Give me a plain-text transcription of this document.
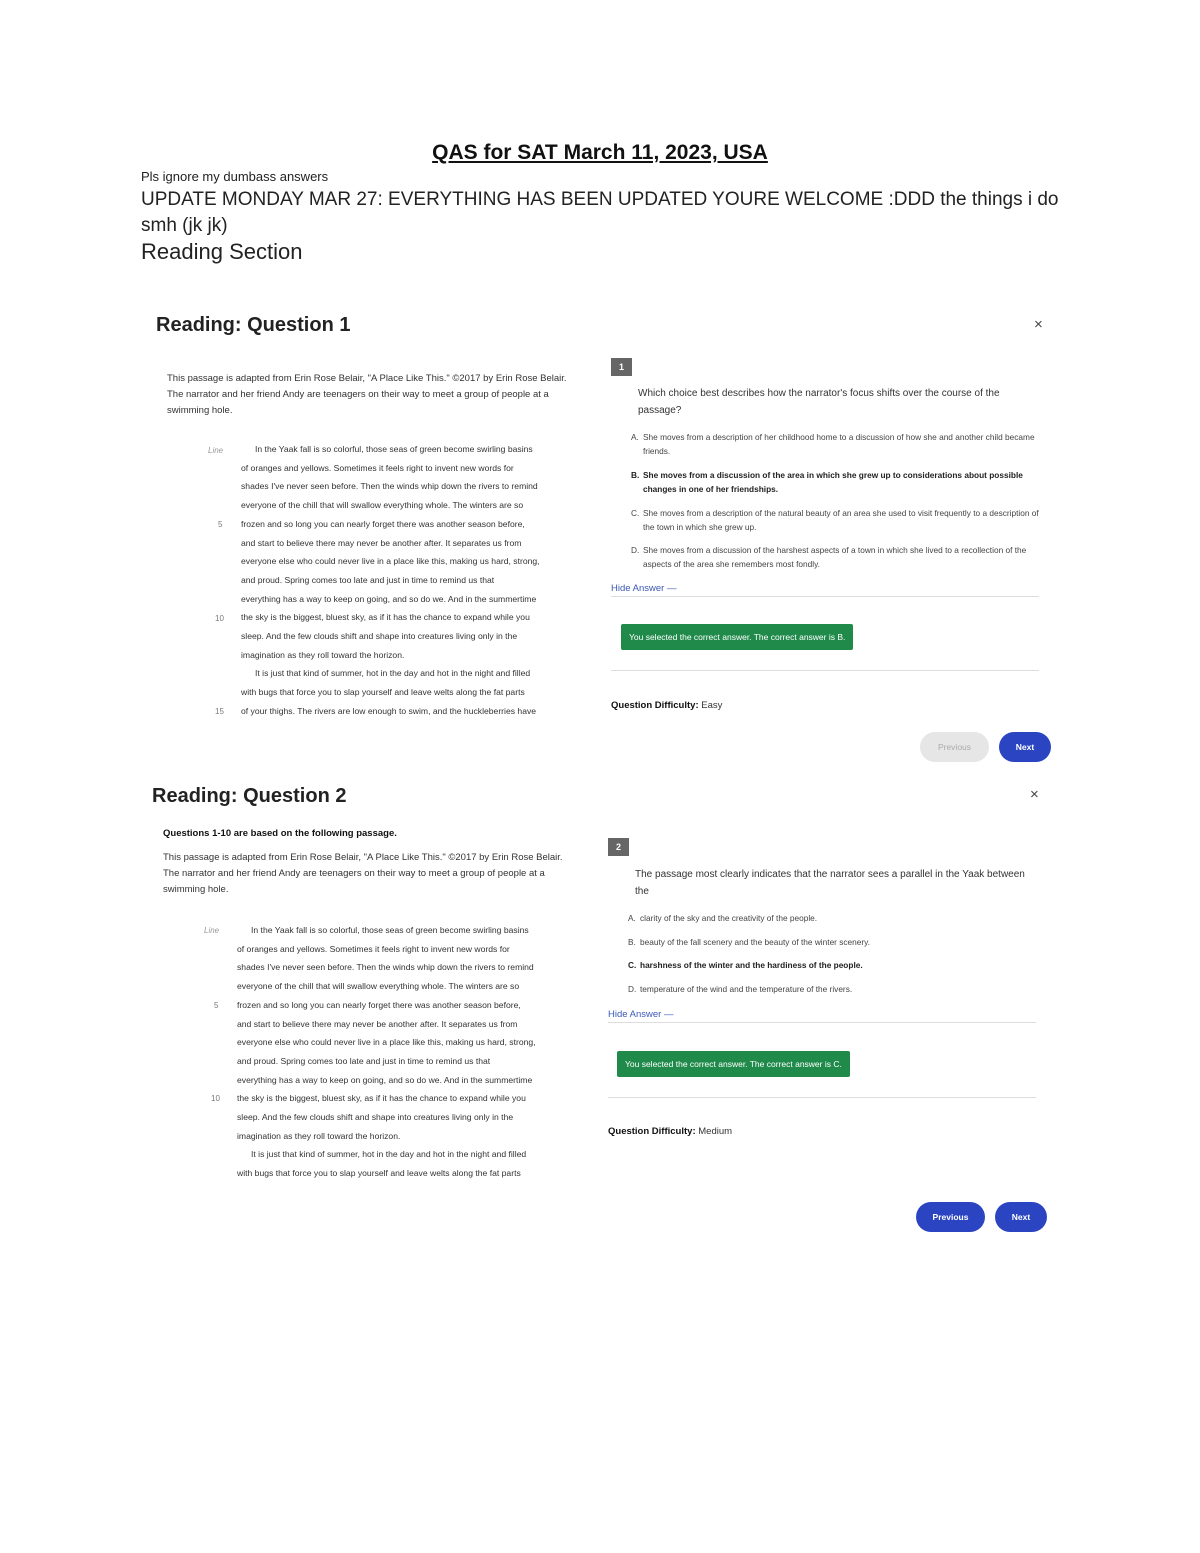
QAS for SAT March 11, 2023, USA
Pls ignore my dumbass answers
UPDATE MONDAY MAR 27: EVERYTHING HAS BEEN UPDATED YOURE WELCOME :DDD the things i do smh (jk jk)
Reading Section
Reading: Question 1	×
This passage is adapted from Erin Rose Belair, "A Place Like This." ©2017 by Erin Rose Belair. The narrator and her friend Andy are teenagers on their way to meet a group of people at a swimming hole.
In the Yaak fall is so colorful, those seas of green become swirling basins
of oranges and yellows. Sometimes it feels right to invent new words for
shades I've never seen before. Then the winds whip down the rivers to remind
everyone of the chill that will swallow everything whole. The winters are so
frozen and so long you can nearly forget there was another season before,
and start to believe there may never be another after. It separates us from
everyone else who could never live in a place like this, making us hard, strong,
and proud. Spring comes too late and just in time to remind us that
everything has a way to keep on going, and so do we. And in the summertime
the sky is the biggest, bluest sky, as if it has the chance to expand while you
sleep. And the few clouds shift and shape into creatures living only in the
imagination as they roll toward the horizon.
It is just that kind of summer, hot in the day and hot in the night and filled
with bugs that force you to slap yourself and leave welts along the fat parts
of your thighs. The rivers are low enough to swim, and the huckleberries have
Line
5
10
15
1
Which choice best describes how the narrator's focus shifts over the course of the passage?
A. She moves from a description of her childhood home to a discussion of how she and another child became friends.
B. She moves from a discussion of the area in which she grew up to considerations about possible changes in one of her friendships.
C. She moves from a description of the natural beauty of an area she used to visit frequently to a description of the town in which she grew up.
D. She moves from a discussion of the harshest aspects of a town in which she lived to a recollection of the aspects of the area she remembers most fondly.
Hide Answer —
You selected the correct answer. The correct answer is B.
Question Difficulty: Easy
Previous	Next
Reading: Question 2	×
Questions 1-10 are based on the following passage.
This passage is adapted from Erin Rose Belair, "A Place Like This." ©2017 by Erin Rose Belair. The narrator and her friend Andy are teenagers on their way to meet a group of people at a swimming hole.
In the Yaak fall is so colorful, those seas of green become swirling basins
of oranges and yellows. Sometimes it feels right to invent new words for
shades I've never seen before. Then the winds whip down the rivers to remind
everyone of the chill that will swallow everything whole. The winters are so
frozen and so long you can nearly forget there was another season before,
and start to believe there may never be another after. It separates us from
everyone else who could never live in a place like this, making us hard, strong,
and proud. Spring comes too late and just in time to remind us that
everything has a way to keep on going, and so do we. And in the summertime
the sky is the biggest, bluest sky, as if it has the chance to expand while you
sleep. And the few clouds shift and shape into creatures living only in the
imagination as they roll toward the horizon.
It is just that kind of summer, hot in the day and hot in the night and filled
with bugs that force you to slap yourself and leave welts along the fat parts
Line
5
10
2
The passage most clearly indicates that the narrator sees a parallel in the Yaak between the
A. clarity of the sky and the creativity of the people.
B. beauty of the fall scenery and the beauty of the winter scenery.
C. harshness of the winter and the hardiness of the people.
D. temperature of the wind and the temperature of the rivers.
Hide Answer —
You selected the correct answer. The correct answer is C.
Question Difficulty: Medium
Previous	Next
